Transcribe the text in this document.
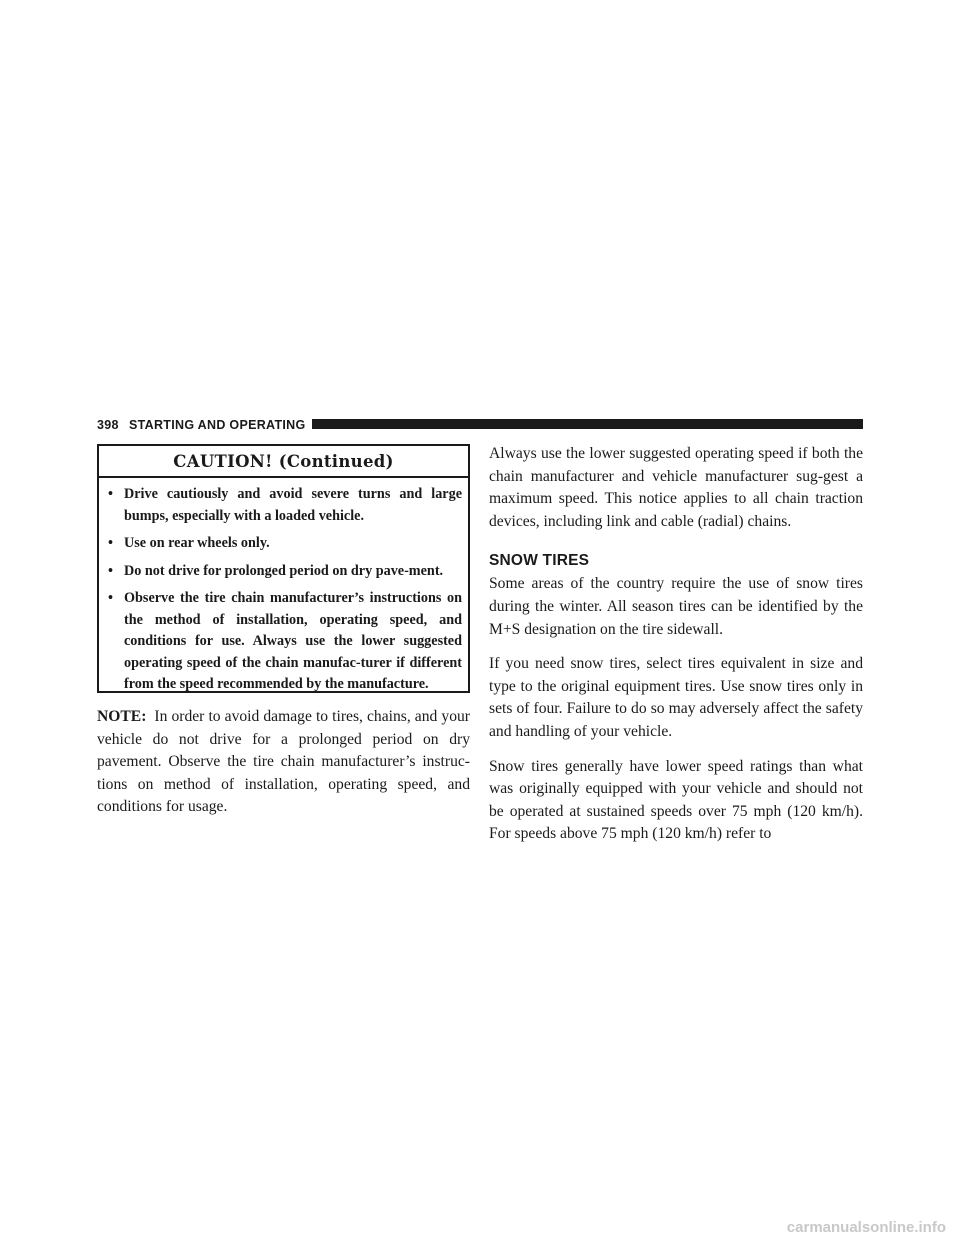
398 STARTING AND OPERATING
CAUTION! (Continued)
• Drive cautiously and avoid severe turns and large bumps, especially with a loaded vehicle.
• Use on rear wheels only.
• Do not drive for prolonged period on dry pave-ment.
• Observe the tire chain manufacturer’s instructions on the method of installation, operating speed, and conditions for use. Always use the lower suggested operating speed of the chain manufac-turer if different from the speed recommended by the manufacture.

NOTE: In order to avoid damage to tires, chains, and your vehicle do not drive for a prolonged period on dry pavement. Observe the tire chain manufacturer’s instruc-tions on method of installation, operating speed, and conditions for usage.

Always use the lower suggested operating speed if both the chain manufacturer and vehicle manufacturer sug-gest a maximum speed. This notice applies to all chain traction devices, including link and cable (radial) chains.

SNOW TIRES

Some areas of the country require the use of snow tires during the winter. All season tires can be identified by the M+S designation on the tire sidewall.

If you need snow tires, select tires equivalent in size and type to the original equipment tires. Use snow tires only in sets of four. Failure to do so may adversely affect the safety and handling of your vehicle.

Snow tires generally have lower speed ratings than what was originally equipped with your vehicle and should not be operated at sustained speeds over 75 mph (120 km/h). For speeds above 75 mph (120 km/h) refer to

carmanualsonline.info
